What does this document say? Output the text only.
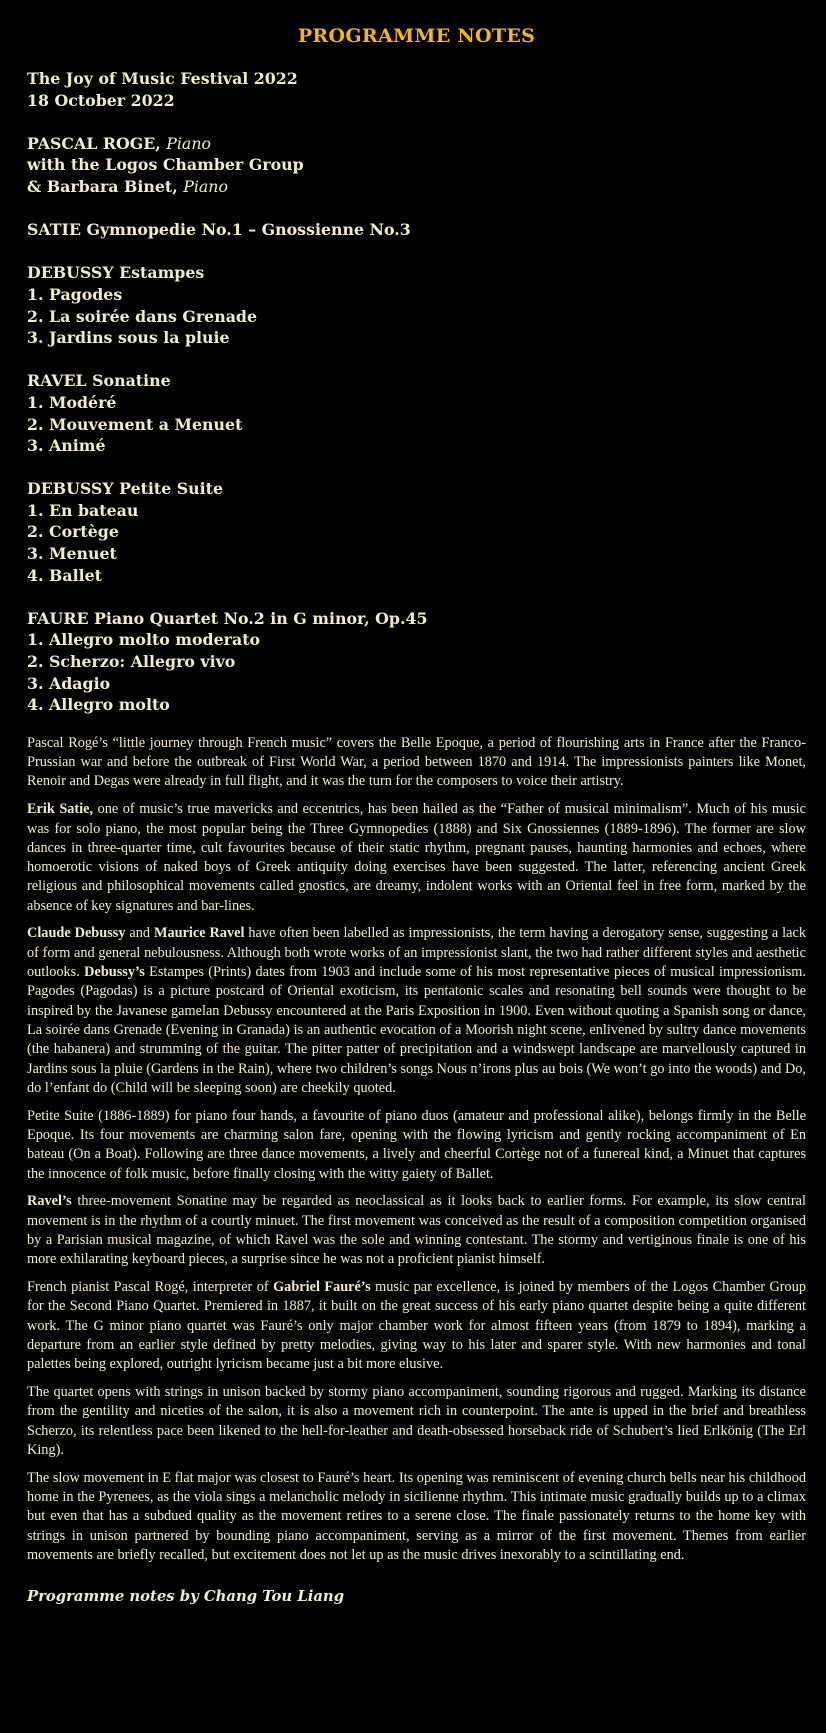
PROGRAMME NOTES
The Joy of Music Festival 2022
18 October 2022
PASCAL ROGE, Piano
with the Logos Chamber Group
& Barbara Binet, Piano
SATIE Gymnopedie No.1 – Gnossienne No.3
DEBUSSY Estampes
1. Pagodes
2. La soirée dans Grenade
3. Jardins sous la pluie
RAVEL Sonatine
1. Modéré
2. Mouvement a Menuet
3. Animé
DEBUSSY Petite Suite
1. En bateau
2. Cortège
3. Menuet
4. Ballet
FAURE Piano Quartet No.2 in G minor, Op.45
1. Allegro molto moderato
2. Scherzo: Allegro vivo
3. Adagio
4. Allegro molto

Pascal Rogé’s “little journey through French music” covers the Belle Epoque, a period of flourishing arts in France after the Franco-Prussian war and before the outbreak of First World War, a period between 1870 and 1914. The impressionists painters like Monet, Renoir and Degas were already in full flight, and it was the turn for the composers to voice their artistry.

Erik Satie, one of music’s true mavericks and eccentrics, has been hailed as the “Father of musical minimalism”. Much of his music was for solo piano, the most popular being the Three Gymnopedies (1888) and Six Gnossiennes (1889-1896). The former are slow dances in three-quarter time, cult favourites because of their static rhythm, pregnant pauses, haunting harmonies and echoes, where homoerotic visions of naked boys of Greek antiquity doing exercises have been suggested. The latter, referencing ancient Greek religious and philosophical movements called gnostics, are dreamy, indolent works with an Oriental feel in free form, marked by the absence of key signatures and bar-lines.

Claude Debussy and Maurice Ravel have often been labelled as impressionists, the term having a derogatory sense, suggesting a lack of form and general nebulousness. Although both wrote works of an impressionist slant, the two had rather different styles and aesthetic outlooks. Debussy’s Estampes (Prints) dates from 1903 and include some of his most representative pieces of musical impressionism. Pagodes (Pagodas) is a picture postcard of Oriental exoticism, its pentatonic scales and resonating bell sounds were thought to be inspired by the Javanese gamelan Debussy encountered at the Paris Exposition in 1900. Even without quoting a Spanish song or dance, La soirée dans Grenade (Evening in Granada) is an authentic evocation of a Moorish night scene, enlivened by sultry dance movements (the habanera) and strumming of the guitar. The pitter patter of precipitation and a windswept landscape are marvellously captured in Jardins sous la pluie (Gardens in the Rain), where two children’s songs Nous n’irons plus au bois (We won’t go into the woods) and Do, do l’enfant do (Child will be sleeping soon) are cheekily quoted.

Petite Suite (1886-1889) for piano four hands, a favourite of piano duos (amateur and professional alike), belongs firmly in the Belle Epoque. Its four movements are charming salon fare, opening with the flowing lyricism and gently rocking accompaniment of En bateau (On a Boat). Following are three dance movements, a lively and cheerful Cortège not of a funereal kind, a Minuet that captures the innocence of folk music, before finally closing with the witty gaiety of Ballet.

Ravel’s three-movement Sonatine may be regarded as neoclassical as it looks back to earlier forms. For example, its slow central movement is in the rhythm of a courtly minuet. The first movement was conceived as the result of a composition competition organised by a Parisian musical magazine, of which Ravel was the sole and winning contestant. The stormy and vertiginous finale is one of his more exhilarating keyboard pieces, a surprise since he was not a proficient pianist himself.

French pianist Pascal Rogé, interpreter of Gabriel Fauré’s music par excellence, is joined by members of the Logos Chamber Group for the Second Piano Quartet. Premiered in 1887, it built on the great success of his early piano quartet despite being a quite different work. The G minor piano quartet was Fauré’s only major chamber work for almost fifteen years (from 1879 to 1894), marking a departure from an earlier style defined by pretty melodies, giving way to his later and sparer style. With new harmonies and tonal palettes being explored, outright lyricism became just a bit more elusive.

The quartet opens with strings in unison backed by stormy piano accompaniment, sounding rigorous and rugged. Marking its distance from the gentility and niceties of the salon, it is also a movement rich in counterpoint. The ante is upped in the brief and breathless Scherzo, its relentless pace been likened to the hell-for-leather and death-obsessed horseback ride of Schubert’s lied Erlkönig (The Erl King).

The slow movement in E flat major was closest to Fauré’s heart. Its opening was reminiscent of evening church bells near his childhood home in the Pyrenees, as the viola sings a melancholic melody in sicilienne rhythm. This intimate music gradually builds up to a climax but even that has a subdued quality as the movement retires to a serene close. The finale passionately returns to the home key with strings in unison partnered by bounding piano accompaniment, serving as a mirror of the first movement. Themes from earlier movements are briefly recalled, but excitement does not let up as the music drives inexorably to a scintillating end.

Programme notes by Chang Tou Liang
